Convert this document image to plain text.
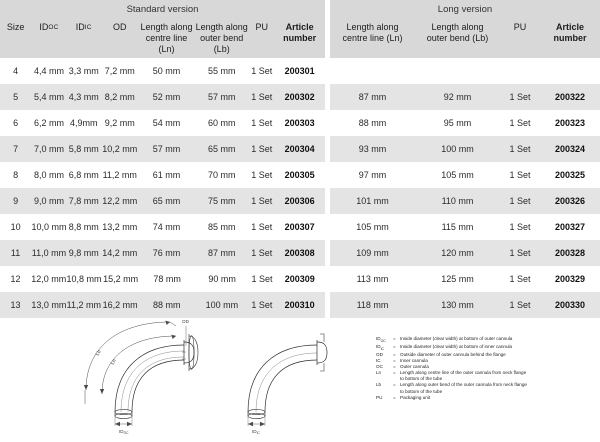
Standard version
Size	ID OC ID IC	OD	Length along
centre line (Ln)
Length along
outer bend (Lb)
PU	Article
number
4	4,4 mm 3,3 mm 7,2 mm	50 mm	55 mm	1 Set	200301
5	5,4 mm 4,3 mm 8,2 mm	52 mm	57 mm	1 Set	200302
6	6,2 mm 4,9mm 9,2 mm	54 mm	60 mm	1 Set	200303
7	7,0 mm 5,8 mm 10,2 mm	57 mm	65 mm	1 Set	200304
8	8,0 mm 6,8 mm 11,2 mm	61 mm	70 mm	1 Set	200305
9	9,0 mm 7,8 mm 12,2 mm	65 mm	75 mm	1 Set	200306
10	10,0 mm 8,8 mm 13,2 mm	74 mm	85 mm	1 Set	200307
11	11,0 mm 9,8 mm 14,2 mm	76 mm	87 mm	1 Set	200308
12	12,0 mm 10,8 mm 15,2 mm	78 mm	90 mm	1 Set	200309
13	13,0 mm 11,2 mm 16,2 mm	88 mm	100 mm	1 Set	200310
Long version
Length along
centre line (Ln)
Length along
outer bend (Lb)
PU	Article
number
87 mm	92 mm	1 Set	200322
88 mm	95 mm	1 Set	200323
93 mm	100 mm	1 Set	200324
97 mm	105 mm	1 Set	200325
101 mm	110 mm	1 Set	200326
105 mm	115 mm	1 Set	200327
109 mm	120 mm	1 Set	200328
113 mm	125 mm	1 Set	200329
118 mm	130 mm	1 Set	200330
Lb
Ln
OD
$ID_{OC}$	$ID_{IC}$
$ID_{OC}$	= Inside diameter (clear width) at bottom of outer cannula
$ID_{IC}$	= Inside diameter (clear width) at bottom of inner cannula
OD	= Outside diameter of outer cannula behind the flange
IC	= Inner cannula
OC	= Outer cannula
Ln	= Length along centre line of the outer cannula from neck flange
to bottom of the tube
Lb	= Length along outer bend of the outer cannula from neck flange
to bottom of the tube
PU	= Packaging unit
